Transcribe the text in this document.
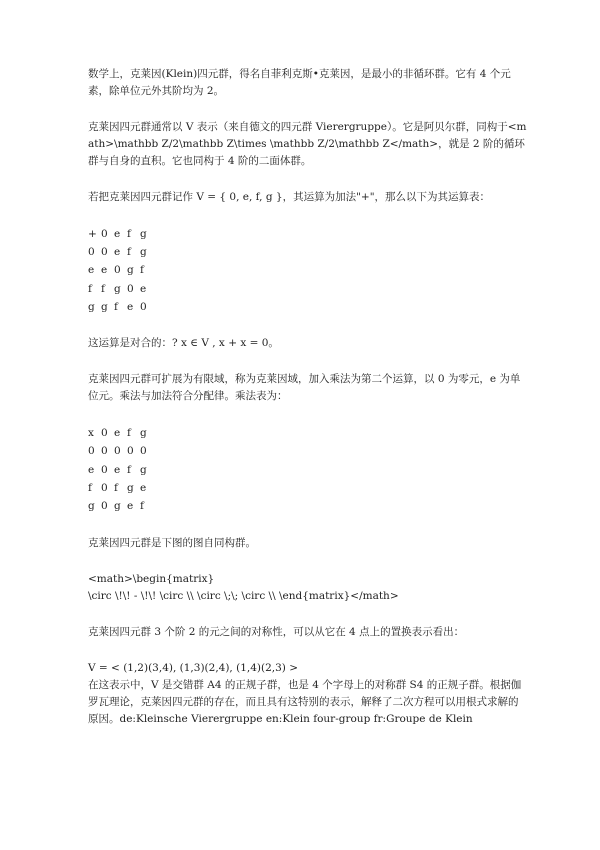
数学上，克莱因(Klein)四元群，得名自菲利克斯•克莱因，是最小的非循环群。它有 4 个元素，除单位元外其阶均为 2。

克莱因四元群通常以 V 表示（来自德文的四元群 Vierergruppe）。它是阿贝尔群，同构于<math>\mathbb Z/2\mathbb Z\times \mathbb Z/2\mathbb Z</math>，就是 2 阶的循环群与自身的直积。它也同构于 4 阶的二面体群。

若把克莱因四元群记作 V = { 0, e, f, g }，其运算为加法"+"，那么以下为其运算表：

+ 0 e f g
0 0 e f g
e e 0 g f
f f g 0 e
g g f e 0

这运算是对合的：? x ∈ V , x + x = 0。

克莱因四元群可扩展为有限域，称为克莱因域，加入乘法为第二个运算，以 0 为零元，e 为单位元。乘法与加法符合分配律。乘法表为：

x 0 e f g
0 0 0 0 0
e 0 e f g
f 0 f g e
g 0 g e f

克莱因四元群是下图的图自同构群。

<math>\begin{matrix}
\circ \!\! - \!\! \circ \\ \circ \;\; \circ \\ \end{matrix}</math>

克莱因四元群 3 个阶 2 的元之间的对称性，可以从它在 4 点上的置换表示看出：

V = < (1,2)(3,4), (1,3)(2,4), (1,4)(2,3) >
在这表示中，V 是交错群 A4 的正规子群，也是 4 个字母上的对称群 S4 的正规子群。根据伽罗瓦理论，克莱因四元群的存在，而且具有这特别的表示，解释了二次方程可以用根式求解的原因。de:Kleinsche Vierergruppe en:Klein four-group fr:Groupe de Klein
